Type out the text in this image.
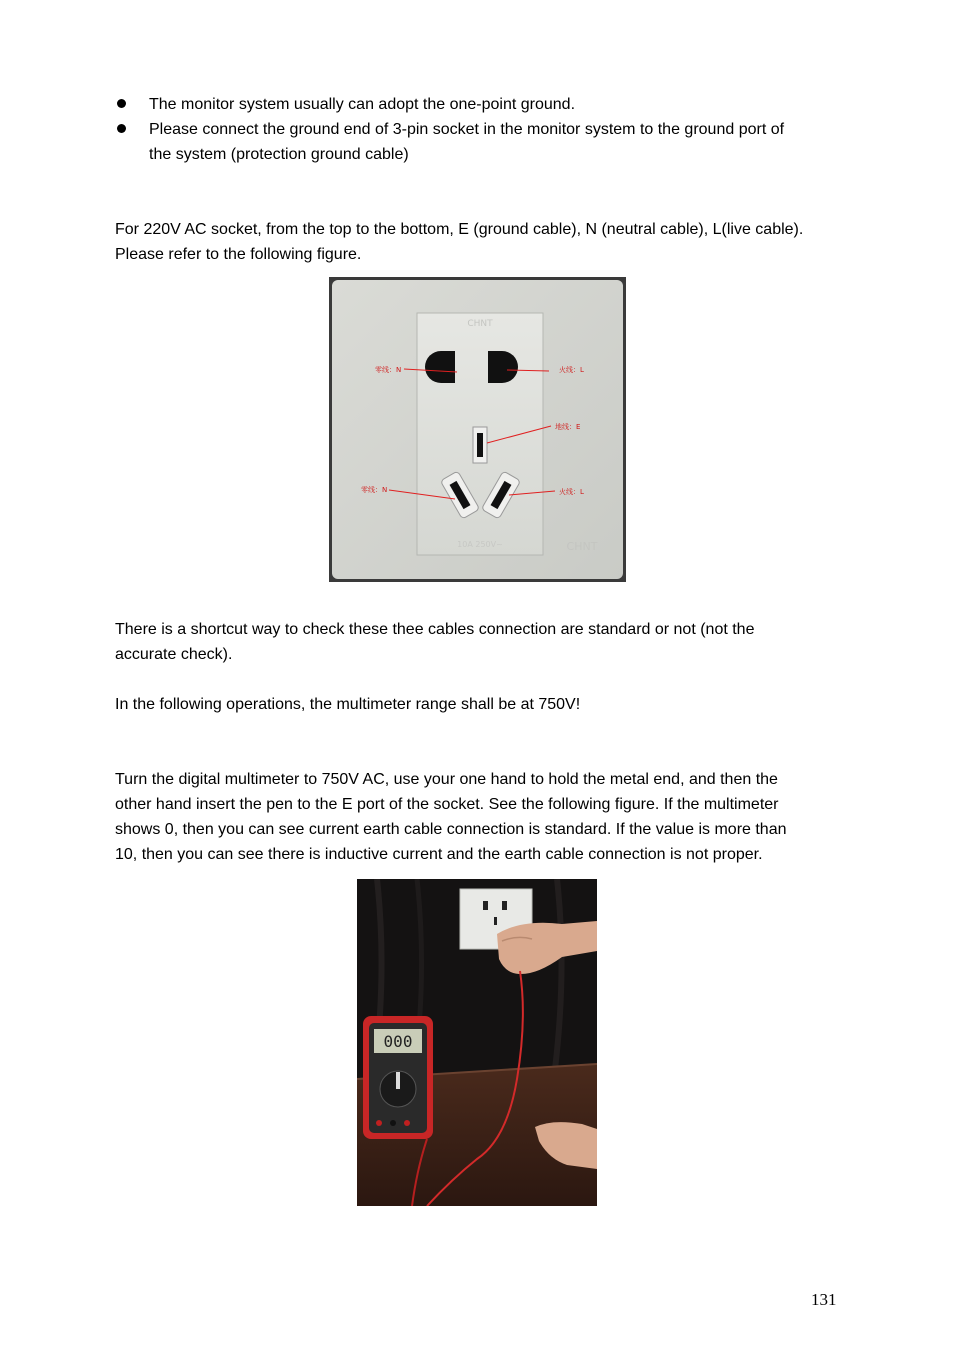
The monitor system usually can adopt the one-point ground.

Please connect the ground end of 3-pin socket in the monitor system to the ground port of

the system (protection ground cable)

For 220V AC socket, from the top to the bottom, E (ground cable), N (neutral cable), L(live cable).

Please refer to the following figure.

零线：N	火线：L
地线：E
零线：N	火线：L
CHNT
10A 250V~	CHNT

There is a shortcut way to check these thee cables connection are standard or not (not the

accurate check).

In the following operations, the multimeter range shall be at 750V!

Turn the digital multimeter to 750V AC, use your one hand to hold the metal end, and then the

other hand insert the pen to the E port of the socket. See the following figure. If the multimeter

shows 0, then you can see current earth cable connection is standard. If the value is more than

10, then you can see there is inductive current and the earth cable connection is not proper.

000
131
